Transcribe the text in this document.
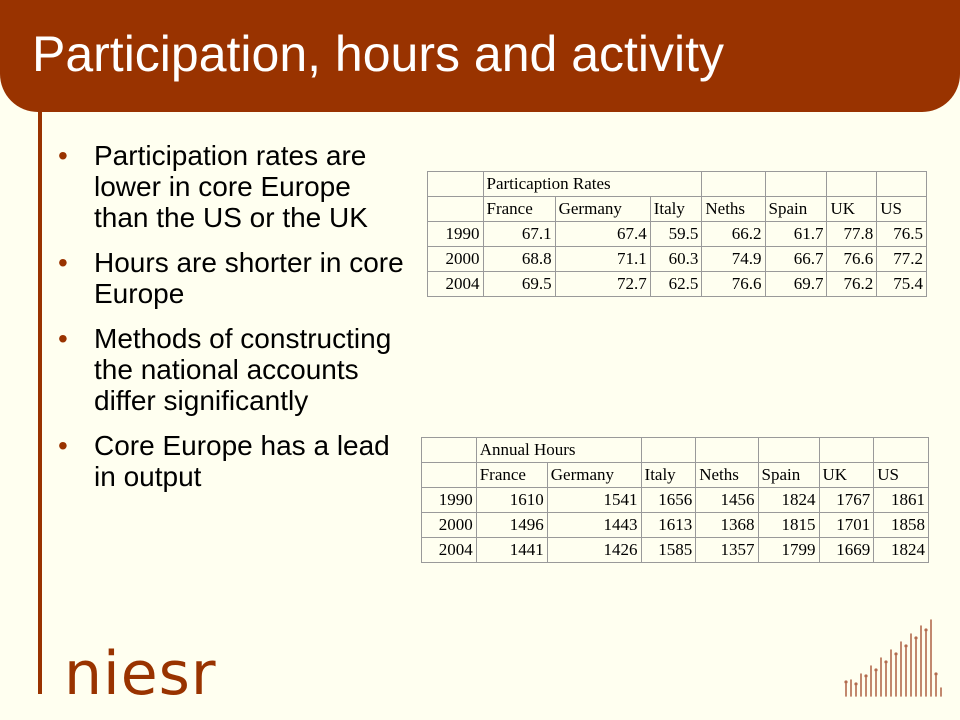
Participation, hours and activity
• Participation rates are lower in core Europe than the US or the UK
• Hours are shorter in core Europe
• Methods of constructing the national accounts differ significantly
• Core Europe has a lead in output
	Particaption Rates						
	France	Germany	Italy	Neths	Spain	UK	US
1990	67.1	67.4	59.5	66.2	61.7	77.8	76.5
2000	68.8	71.1	60.3	74.9	66.7	76.6	77.2
2004	69.5	72.7	62.5	76.6	69.7	76.2	75.4
	Annual Hours						
	France	Germany	Italy	Neths	Spain	UK	US
1990	1610	1541	1656	1456	1824	1767	1861
2000	1496	1443	1613	1368	1815	1701	1858
2004	1441	1426	1585	1357	1799	1669	1824
niesr
